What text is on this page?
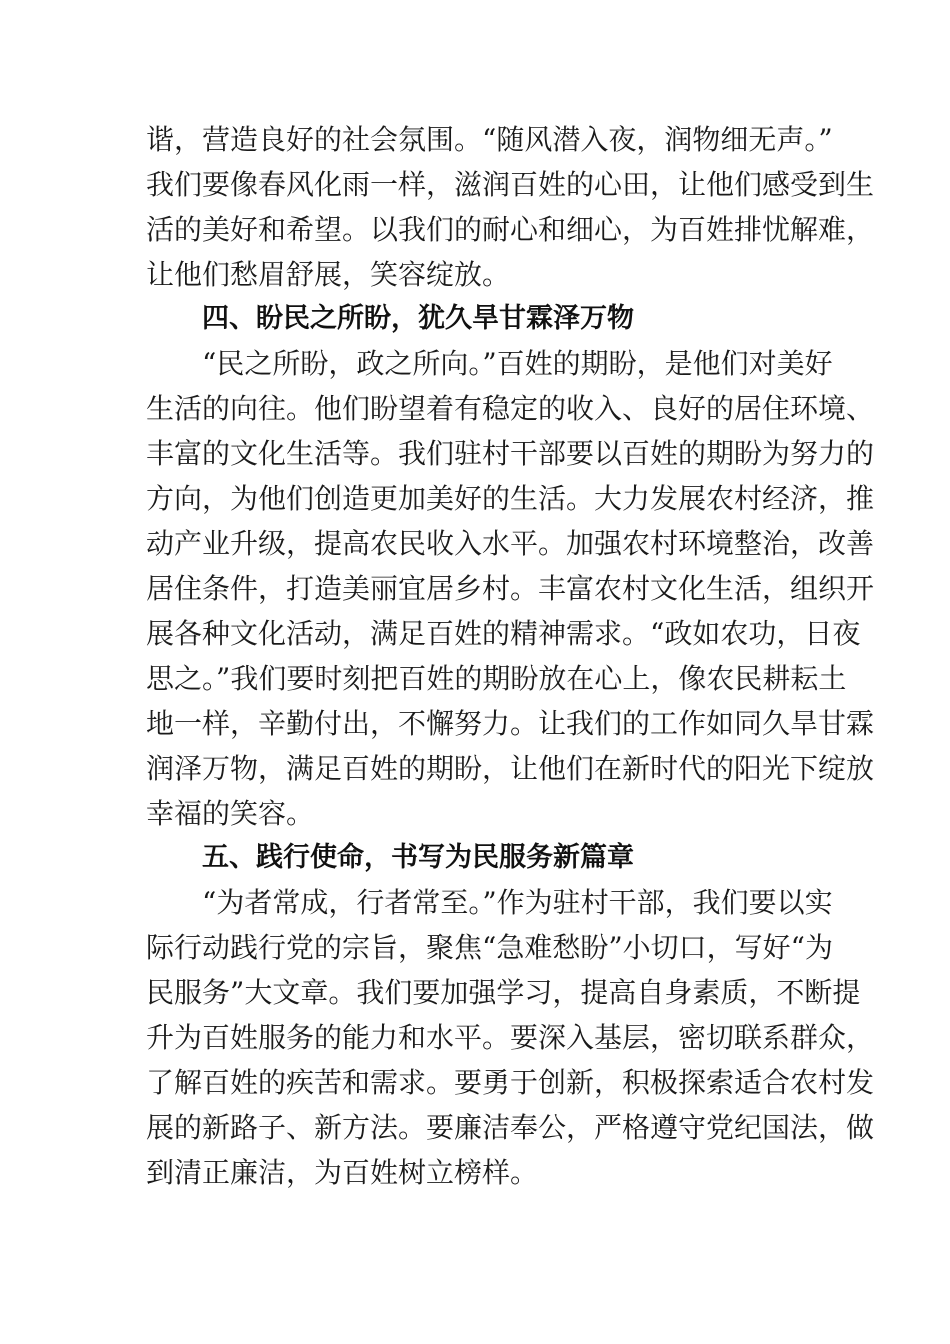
谐，营造良好的社会氛围。“随风潜入夜，润物细无声。”
我们要像春风化雨一样，滋润百姓的心田，让他们感受到生
活的美好和希望。以我们的耐心和细心，为百姓排忧解难，
让他们愁眉舒展，笑容绽放。
四、盼民之所盼，犹久旱甘霖泽万物
“民之所盼，政之所向。”百姓的期盼，是他们对美好
生活的向往。他们盼望着有稳定的收入、良好的居住环境、
丰富的文化生活等。我们驻村干部要以百姓的期盼为努力的
方向，为他们创造更加美好的生活。大力发展农村经济，推
动产业升级，提高农民收入水平。加强农村环境整治，改善
居住条件，打造美丽宜居乡村。丰富农村文化生活，组织开
展各种文化活动，满足百姓的精神需求。“政如农功，日夜
思之。”我们要时刻把百姓的期盼放在心上，像农民耕耘土
地一样，辛勤付出，不懈努力。让我们的工作如同久旱甘霖
润泽万物，满足百姓的期盼，让他们在新时代的阳光下绽放
幸福的笑容。
五、践行使命，书写为民服务新篇章
“为者常成，行者常至。”作为驻村干部，我们要以实
际行动践行党的宗旨，聚焦“急难愁盼”小切口，写好“为
民服务”大文章。我们要加强学习，提高自身素质，不断提
升为百姓服务的能力和水平。要深入基层，密切联系群众，
了解百姓的疾苦和需求。要勇于创新，积极探索适合农村发
展的新路子、新方法。要廉洁奉公，严格遵守党纪国法，做
到清正廉洁，为百姓树立榜样。
